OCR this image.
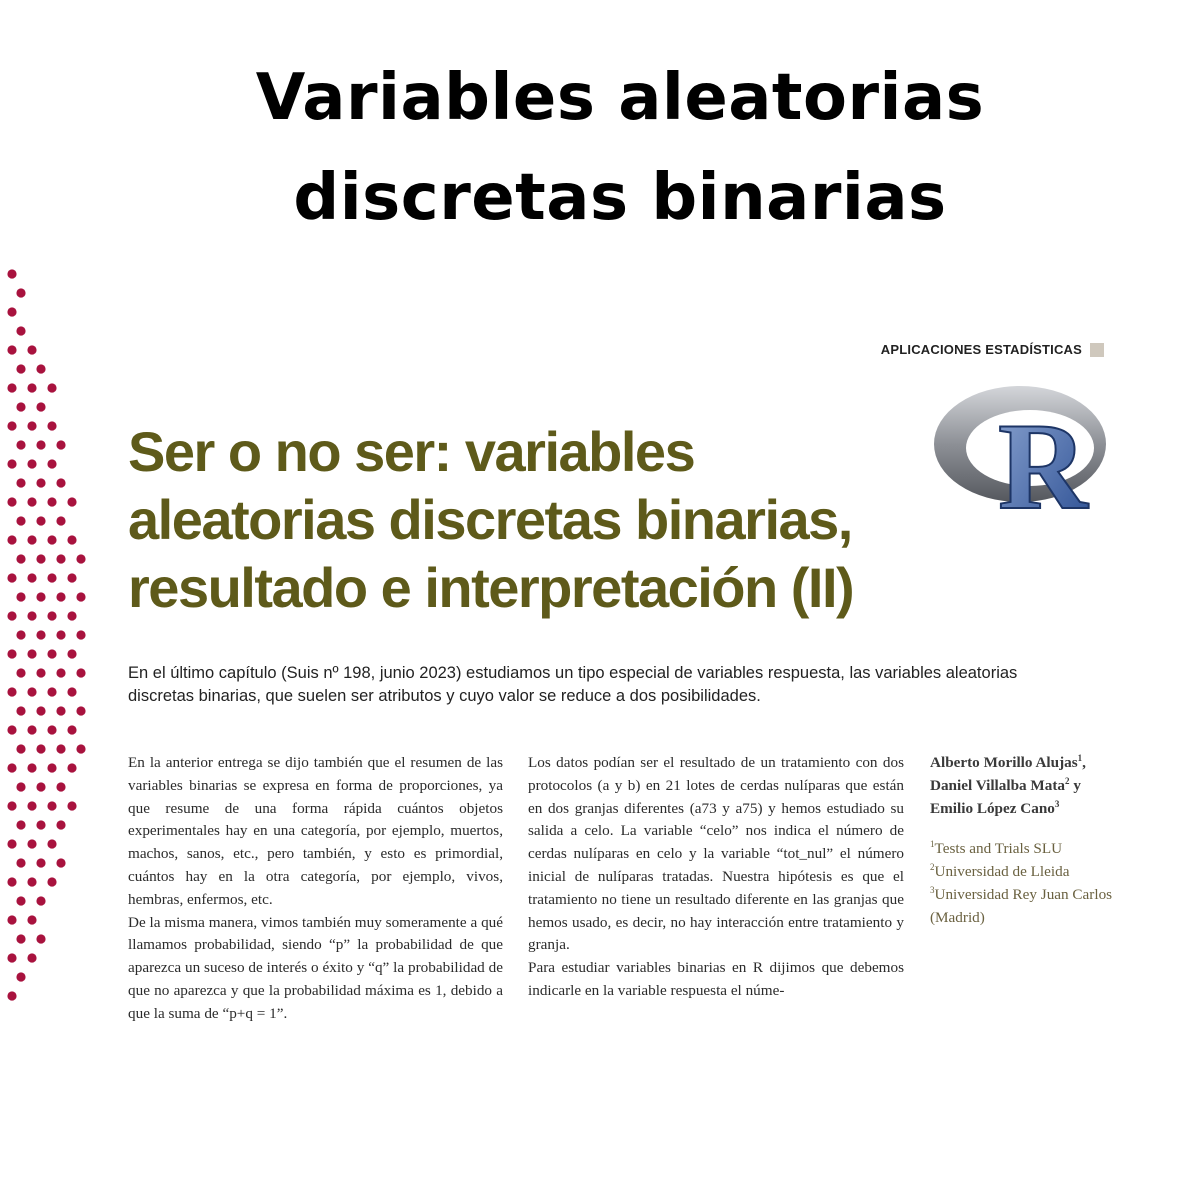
Variables aleatorias
discretas binarias
APLICACIONES ESTADÍSTICAS
R
Ser o no ser: variables
aleatorias discretas binarias,
resultado e interpretación (II)
En el último capítulo (Suis nº 198, junio 2023) estudiamos un tipo especial de variables respuesta, las variables aleatorias discretas binarias, que suelen ser atributos y cuyo valor se reduce a dos posibilidades.

En la anterior entrega se dijo también que el resumen de las variables binarias se expresa en forma de proporciones, ya que resume de una forma rápida cuántos objetos experimentales hay en una categoría, por ejemplo, muertos, machos, sanos, etc., pero también, y esto es primordial, cuántos hay en la otra categoría, por ejemplo, vivos, hembras, enfermos, etc.

De la misma manera, vimos también muy someramente a qué llamamos probabilidad, siendo “p” la probabilidad de que aparezca un suceso de interés o éxito y “q” la probabilidad de que no aparezca y que la probabilidad máxima es 1, debido a que la suma de “p+q = 1”.

Los datos podían ser el resultado de un tratamiento con dos protocolos (a y b) en 21 lotes de cerdas nulíparas que están en dos granjas diferentes (a73 y a75) y hemos estudiado su salida a celo. La variable “celo” nos indica el número de cerdas nulíparas en celo y la variable “tot_nul” el número inicial de nulíparas tratadas. Nuestra hipótesis es que el tratamiento no tiene un resultado diferente en las granjas que hemos usado, es decir, no hay interacción entre tratamiento y granja.

Para estudiar variables binarias en R dijimos que debemos indicarle en la variable respuesta el núme-

Alberto Morillo Alujas$^1$,
Daniel Villalba Mata$^2$ y
Emilio López Cano$^3$

$^1$Tests and Trials SLU
$^2$Universidad de Lleida
$^3$Universidad Rey Juan Carlos (Madrid)
